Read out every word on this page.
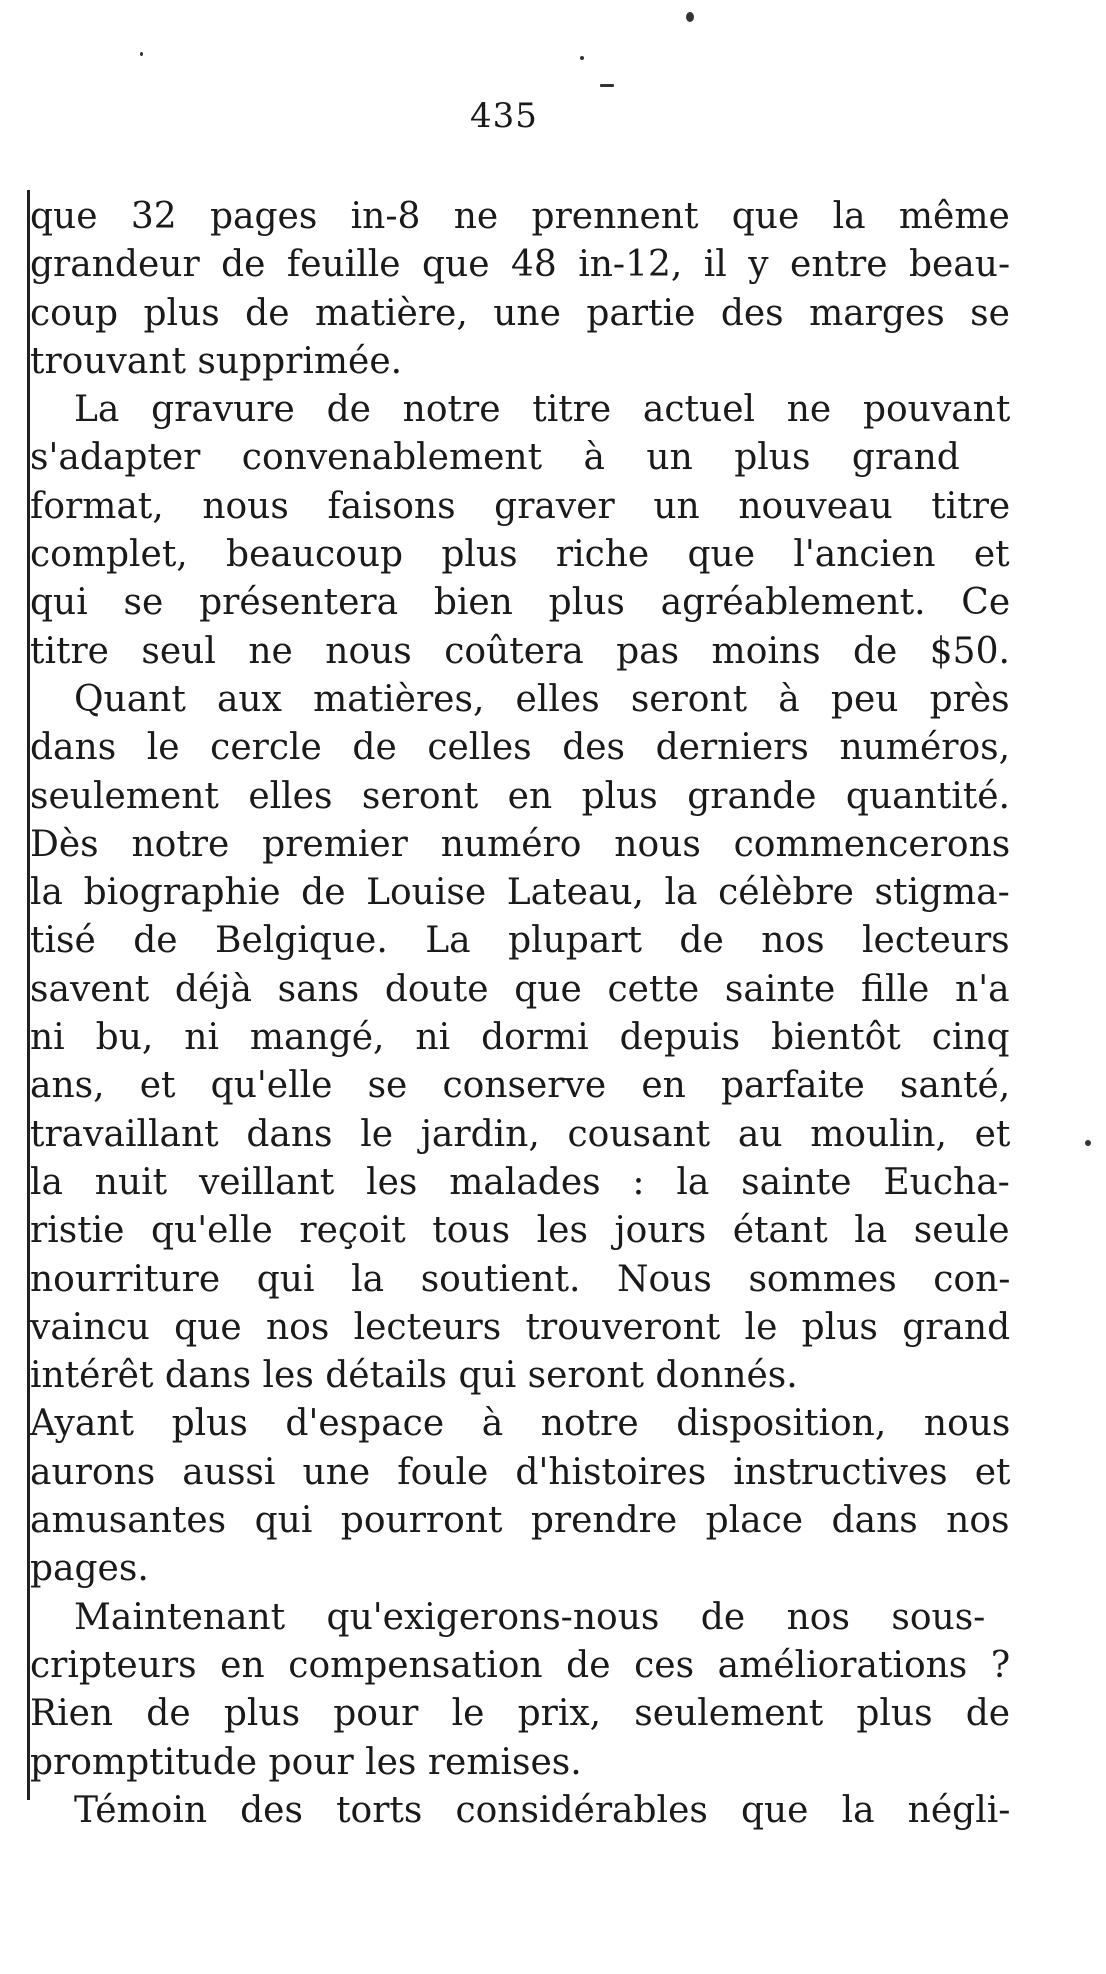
435
que 32 pages in-8 ne prennent que la même
grandeur de feuille que 48 in-12, il y entre beau-
coup plus de matière, une partie des marges se
trouvant supprimée.
La gravure de notre titre actuel ne pouvant
s'adapter convenablement à un plus grand
format, nous faisons graver un nouveau titre
complet, beaucoup plus riche que l'ancien et
qui se présentera bien plus agréablement. Ce
titre seul ne nous coûtera pas moins de $50.
Quant aux matières, elles seront à peu près
dans le cercle de celles des derniers numéros,
seulement elles seront en plus grande quantité.
Dès notre premier numéro nous commencerons
la biographie de Louise Lateau, la célèbre stigma-
tisé de Belgique. La plupart de nos lecteurs
savent déjà sans doute que cette sainte fille n'a
ni bu, ni mangé, ni dormi depuis bientôt cinq
ans, et qu'elle se conserve en parfaite santé,
travaillant dans le jardin, cousant au moulin, et
la nuit veillant les malades : la sainte Eucha-
ristie qu'elle reçoit tous les jours étant la seule
nourriture qui la soutient. Nous sommes con-
vaincu que nos lecteurs trouveront le plus grand
intérêt dans les détails qui seront donnés.
Ayant plus d'espace à notre disposition, nous
aurons aussi une foule d'histoires instructives et
amusantes qui pourront prendre place dans nos
pages.
Maintenant qu'exigerons-nous de nos sous-
cripteurs en compensation de ces améliorations ?
Rien de plus pour le prix, seulement plus de
promptitude pour les remises.
Témoin des torts considérables que la négli-
